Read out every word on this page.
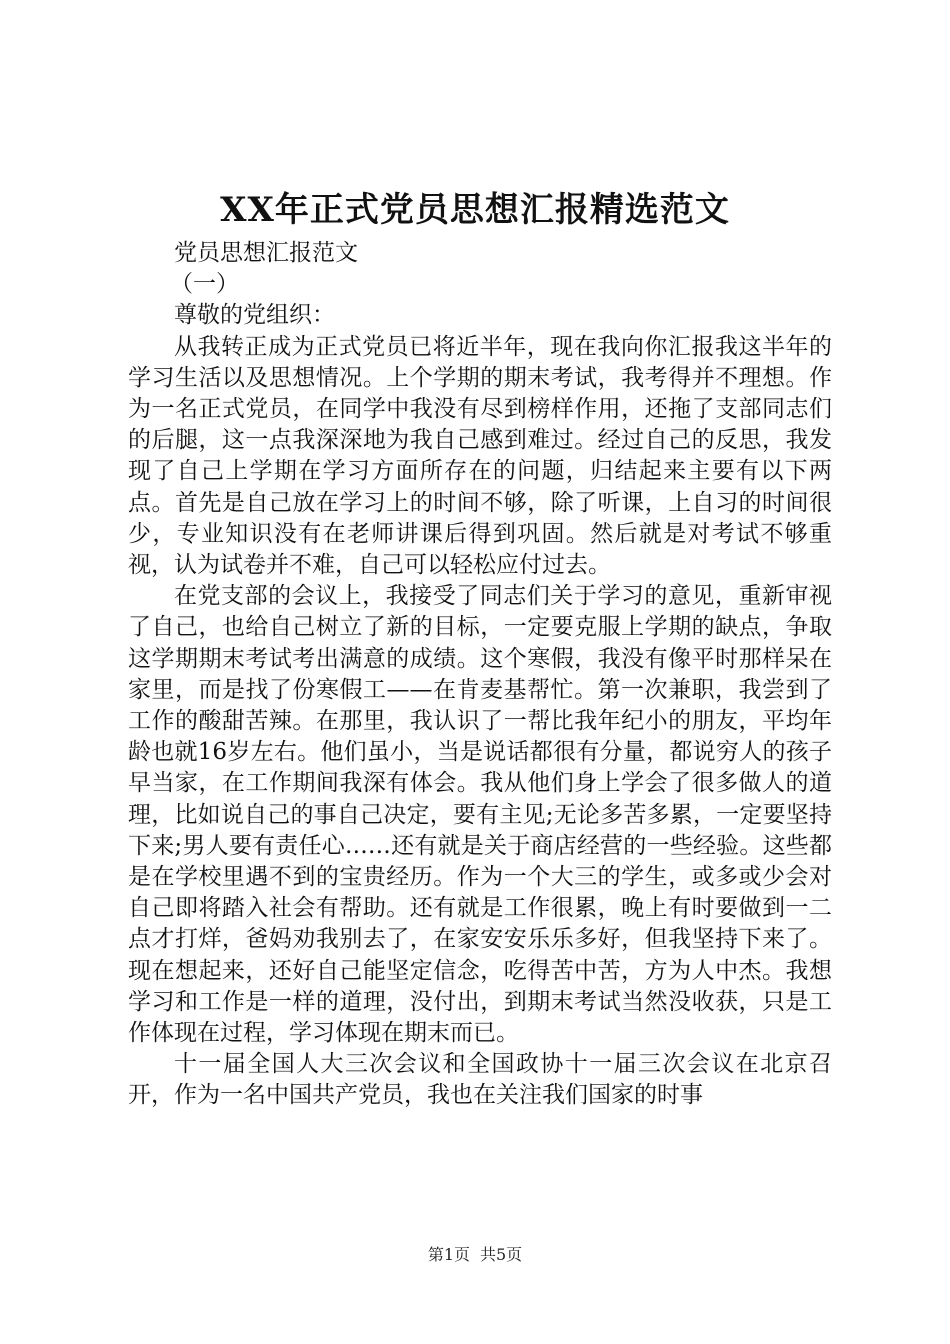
XX年正式党员思想汇报精选范文

党员思想汇报范文

（一）

尊敬的党组织：

从我转正成为正式党员已将近半年，现在我向你汇报我这半年的学习生活以及思想情况。上个学期的期末考试，我考得并不理想。作为一名正式党员，在同学中我没有尽到榜样作用，还拖了支部同志们的后腿，这一点我深深地为我自己感到难过。经过自己的反思，我发现了自己上学期在学习方面所存在的问题，归结起来主要有以下两点。首先是自己放在学习上的时间不够，除了听课，上自习的时间很少，专业知识没有在老师讲课后得到巩固。然后就是对考试不够重视，认为试卷并不难，自己可以轻松应付过去。

在党支部的会议上，我接受了同志们关于学习的意见，重新审视了自己，也给自己树立了新的目标，一定要克服上学期的缺点，争取这学期期末考试考出满意的成绩。这个寒假，我没有像平时那样呆在家里，而是找了份寒假工——在肯麦基帮忙。第一次兼职，我尝到了工作的酸甜苦辣。在那里，我认识了一帮比我年纪小的朋友，平均年龄也就16岁左右。他们虽小，当是说话都很有分量，都说穷人的孩子早当家，在工作期间我深有体会。我从他们身上学会了很多做人的道理，比如说自己的事自己决定，要有主见;无论多苦多累，一定要坚持下来;男人要有责任心……还有就是关于商店经营的一些经验。这些都是在学校里遇不到的宝贵经历。作为一个大三的学生，或多或少会对自己即将踏入社会有帮助。还有就是工作很累，晚上有时要做到一二点才打烊，爸妈劝我别去了，在家安安乐乐多好，但我坚持下来了。现在想起来，还好自己能坚定信念，吃得苦中苦，方为人中杰。我想学习和工作是一样的道理，没付出，到期末考试当然没收获，只是工作体现在过程，学习体现在期末而已。

十一届全国人大三次会议和全国政协十一届三次会议在北京召开，作为一名中国共产党员，我也在关注我们国家的时事

第1页 共5页
